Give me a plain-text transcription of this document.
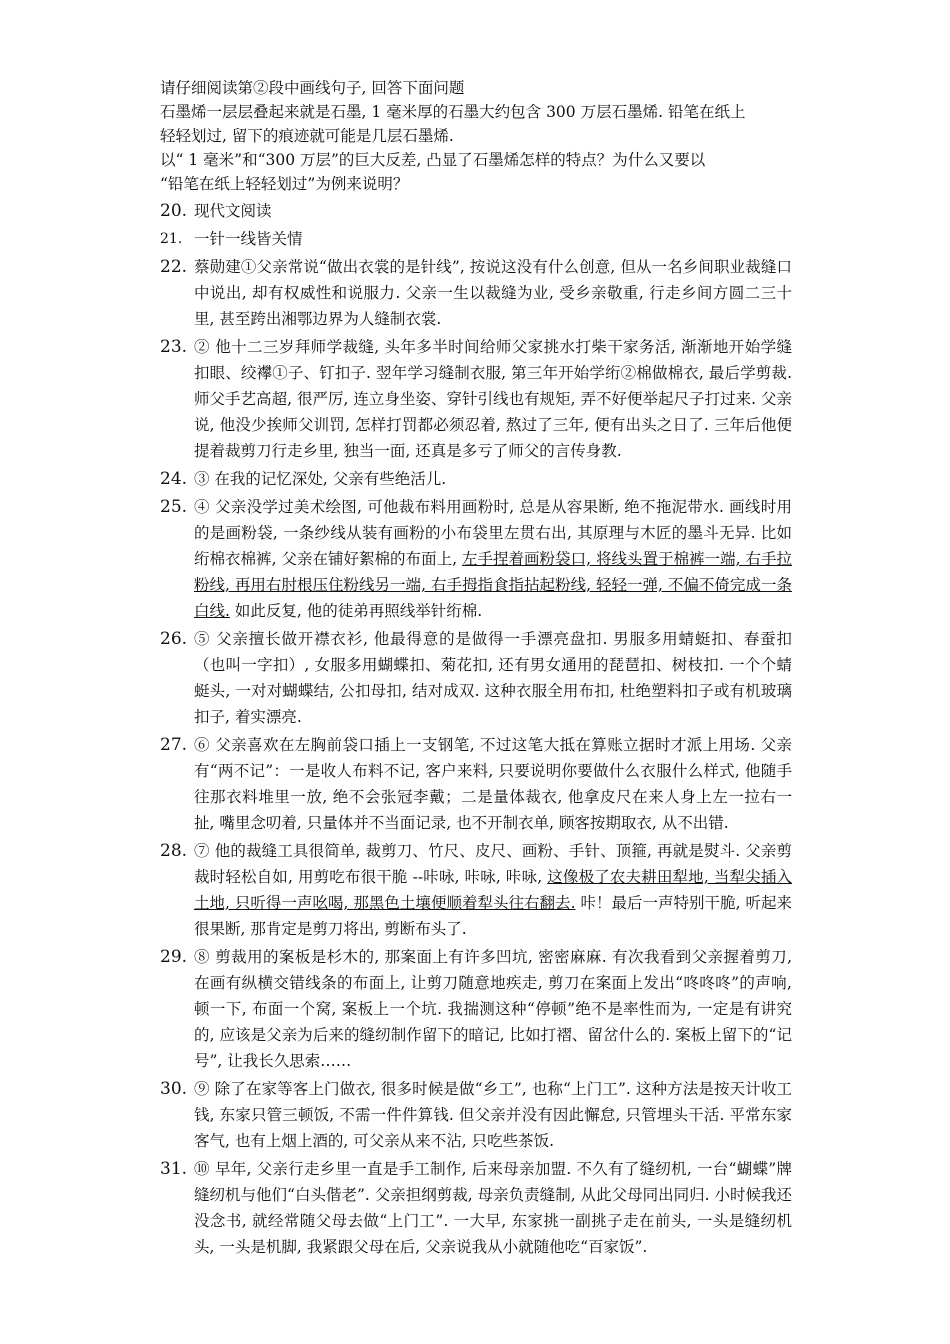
请仔细阅读第②段中画线句子, 回答下面问题
石墨烯一层层叠起来就是石墨, 1 毫米厚的石墨大约包含 300 万层石墨烯. 铅笔在纸上
轻轻划过, 留下的痕迹就可能是几层石墨烯.
以“ 1 毫米”和“300 万层”的巨大反差, 凸显了石墨烯怎样的特点？为什么又要以
“铅笔在纸上轻轻划过”为例来说明？
20. 现代文阅读
21. 一针一线皆关情
22. 蔡勋建①父亲常说“做出衣裳的是针线”, 按说这没有什么创意, 但从一名乡间职业裁缝口中说出, 却有权威性和说服力. 父亲一生以裁缝为业, 受乡亲敬重, 行走乡间方圆二三十里, 甚至跨出湘鄂边界为人缝制衣裳.
23. ② 他十二三岁拜师学裁缝, 头年多半时间给师父家挑水打柴干家务活, 渐渐地开始学缝扣眼、绞襻①子、钉扣子. 翌年学习缝制衣服, 第三年开始学绗②棉做棉衣, 最后学剪裁. 师父手艺高超, 很严厉, 连立身坐姿、穿针引线也有规矩, 弄不好便举起尺子打过来. 父亲说, 他没少挨师父训罚, 怎样打罚都必须忍着, 熬过了三年, 便有出头之日了. 三年后他便提着裁剪刀行走乡里, 独当一面, 还真是多亏了师父的言传身教.
24. ③ 在我的记忆深处, 父亲有些绝活儿.
25. ④ 父亲没学过美术绘图, 可他裁布料用画粉时, 总是从容果断, 绝不拖泥带水. 画线时用的是画粉袋, 一条纱线从装有画粉的小布袋里左贯右出, 其原理与木匠的墨斗无异. 比如绗棉衣棉裤, 父亲在铺好絮棉的布面上, 左手捏着画粉袋口, 将线头置于棉裤一端, 右手拉粉线, 再用右肘根压住粉线另一端, 右手拇指食指拈起粉线, 轻轻一弹, 不偏不倚完成一条白线. 如此反复, 他的徒弟再照线举针绗棉.
26. ⑤ 父亲擅长做开襟衣衫, 他最得意的是做得一手漂亮盘扣. 男服多用蜻蜓扣、春蚕扣（也叫一字扣）, 女服多用蝴蝶扣、菊花扣, 还有男女通用的琵琶扣、树枝扣. 一个个蜻蜓头, 一对对蝴蝶结, 公扣母扣, 结对成双. 这种衣服全用布扣, 杜绝塑料扣子或有机玻璃扣子, 着实漂亮.
27. ⑥ 父亲喜欢在左胸前袋口插上一支钢笔, 不过这笔大抵在算账立据时才派上用场. 父亲有“两不记”：一是收人布料不记, 客户来料, 只要说明你要做什么衣服什么样式, 他随手往那衣料堆里一放, 绝不会张冠李戴；二是量体裁衣, 他拿皮尺在来人身上左一拉右一扯, 嘴里念叨着, 只量体并不当面记录, 也不开制衣单, 顾客按期取衣, 从不出错.
28. ⑦ 他的裁缝工具很简单, 裁剪刀、竹尺、皮尺、画粉、手针、顶箍, 再就是熨斗. 父亲剪裁时轻松自如, 用剪吃布很干脆 --咔咏, 咔咏, 咔咏, 这像极了农夫耕田犁地, 当犁尖插入土地, 只听得一声吆喝, 那黑色土壤便顺着犁头往右翻去. 咔！最后一声特别干脆, 听起来很果断, 那肯定是剪刀将出, 剪断布头了.
29. ⑧ 剪裁用的案板是杉木的, 那案面上有许多凹坑, 密密麻麻. 有次我看到父亲握着剪刀, 在画有纵横交错线条的布面上, 让剪刀随意地疾走, 剪刀在案面上发出“咚咚咚”的声响, 顿一下, 布面一个窝, 案板上一个坑. 我揣测这种“停顿”绝不是率性而为, 一定是有讲究的, 应该是父亲为后来的缝纫制作留下的暗记, 比如打褶、留岔什么的. 案板上留下的“记号”, 让我长久思索……
30. ⑨ 除了在家等客上门做衣, 很多时候是做“乡工”, 也称“上门工”. 这种方法是按天计收工钱, 东家只管三顿饭, 不需一件件算钱. 但父亲并没有因此懈怠, 只管埋头干活. 平常东家客气, 也有上烟上酒的, 可父亲从来不沾, 只吃些茶饭.
31. ⑩ 早年, 父亲行走乡里一直是手工制作, 后来母亲加盟. 不久有了缝纫机, 一台“蝴蝶”牌缝纫机与他们“白头偕老”. 父亲担纲剪裁, 母亲负责缝制, 从此父母同出同归. 小时候我还没念书, 就经常随父母去做“上门工”. 一大早, 东家挑一副挑子走在前头, 一头是缝纫机头, 一头是机脚, 我紧跟父母在后, 父亲说我从小就随他吃“百家饭”.
